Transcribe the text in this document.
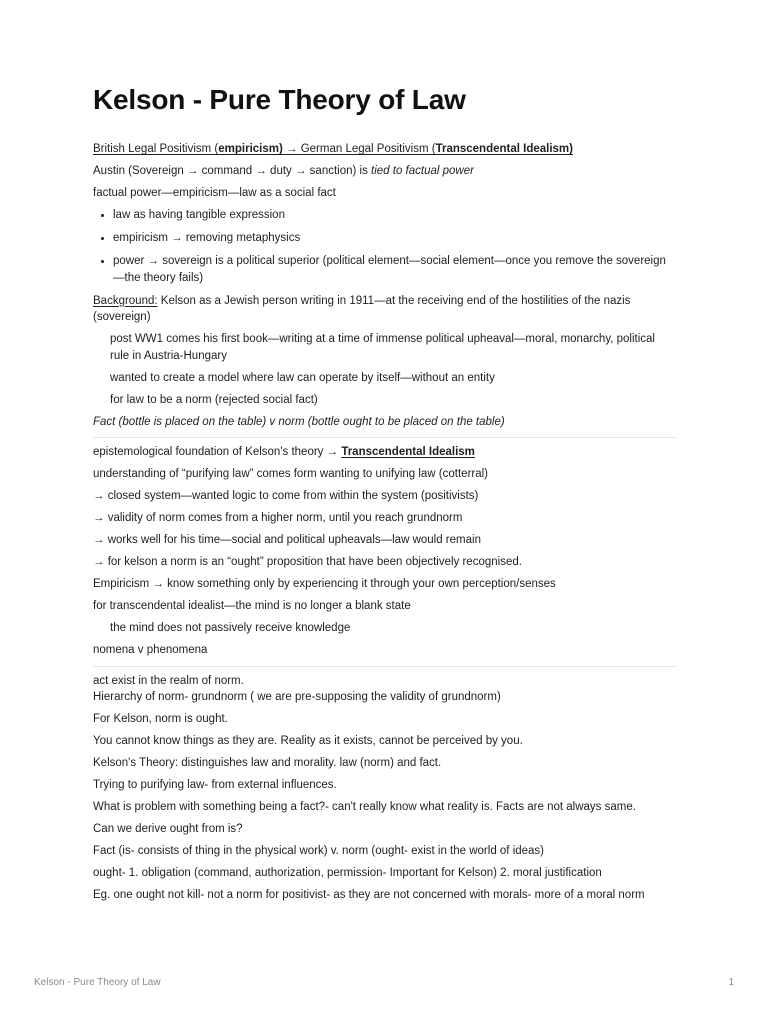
Kelson - Pure Theory of Law
British Legal Positivism (empiricism) → German Legal Positivism (Transcendental Idealism)
Austin (Sovereign → command → duty → sanction) is tied to factual power
factual power—empiricism—law as a social fact
• law as having tangible expression
• empiricism → removing metaphysics
• power → sovereign is a political superior (political element—social element—once you remove the sovereign—the theory fails)
Background: Kelson as a Jewish person writing in 1911—at the receiving end of the hostilities of the nazis (sovereign)
post WW1 comes his first book—writing at a time of immense political upheaval—moral, monarchy, political rule in Austria-Hungary
wanted to create a model where law can operate by itself—without an entity
for law to be a norm (rejected social fact)
Fact (bottle is placed on the table) v norm (bottle ought to be placed on the table)
epistemological foundation of Kelson's theory → Transcendental Idealism
understanding of “purifying law” comes form wanting to unifying law (cotterral)
→ closed system—wanted logic to come from within the system (positivists)
→ validity of norm comes from a higher norm, until you reach grundnorm
→ works well for his time—social and political upheavals—law would remain
→ for kelson a norm is an “ought” proposition that have been objectively recognised.
Empiricism → know something only by experiencing it through your own perception/senses
for transcendental idealist—the mind is no longer a blank state
the mind does not passively receive knowledge
nomena v phenomena
act exist in the realm of norm.
Hierarchy of norm- grundnorm ( we are pre-supposing the validity of grundnorm)
For Kelson, norm is ought.
You cannot know things as they are. Reality as it exists, cannot be perceived by you.
Kelson's Theory: distinguishes law and morality. law (norm) and fact.
Trying to purifying law- from external influences.
What is problem with something being a fact?- can't really know what reality is. Facts are not always same.
Can we derive ought from is?
Fact (is- consists of thing in the physical work) v. norm (ought- exist in the world of ideas)
ought- 1. obligation (command, authorization, permission- Important for Kelson) 2. moral justification
Eg. one ought not kill- not a norm for positivist- as they are not concerned with morals- more of a moral norm
Kelson - Pure Theory of Law	1
